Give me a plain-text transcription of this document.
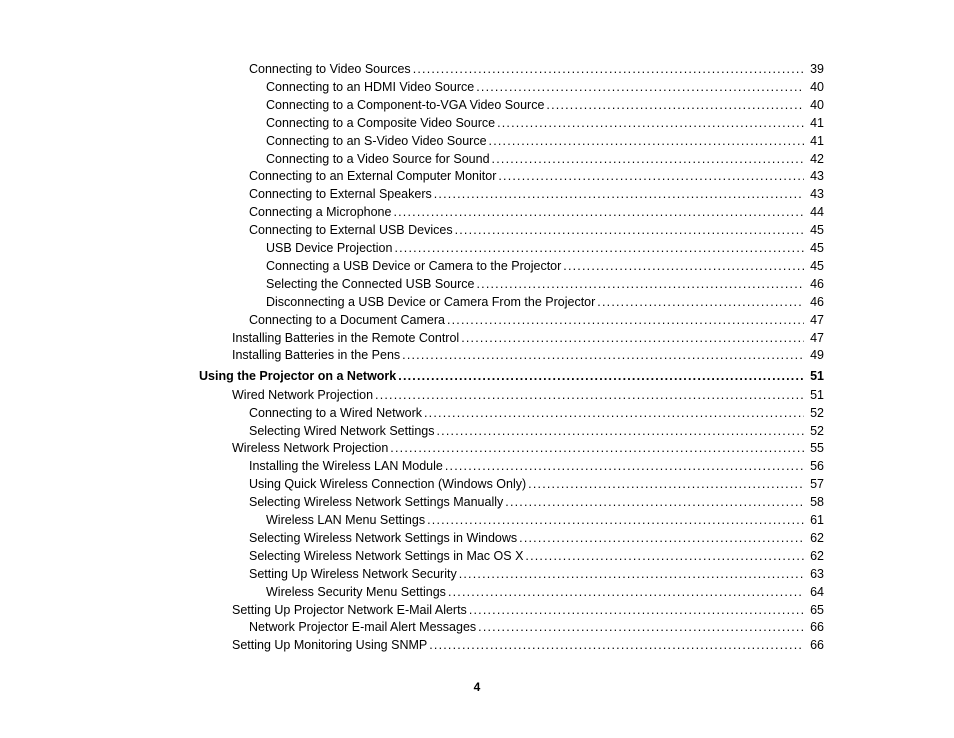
Connecting to Video Sources .....	39
Connecting to an HDMI Video Source .....	40
Connecting to a Component-to-VGA Video Source .....	40
Connecting to a Composite Video Source .....	41
Connecting to an S-Video Video Source .....	41
Connecting to a Video Source for Sound .....	42
Connecting to an External Computer Monitor .....	43
Connecting to External Speakers .....	43
Connecting a Microphone .....	44
Connecting to External USB Devices .....	45
USB Device Projection .....	45
Connecting a USB Device or Camera to the Projector .....	45
Selecting the Connected USB Source .....	46
Disconnecting a USB Device or Camera From the Projector .....	46
Connecting to a Document Camera .....	47
Installing Batteries in the Remote Control .....	47
Installing Batteries in the Pens .....	49
Using the Projector on a Network .....	51
Wired Network Projection .....	51
Connecting to a Wired Network .....	52
Selecting Wired Network Settings .....	52
Wireless Network Projection .....	55
Installing the Wireless LAN Module .....	56
Using Quick Wireless Connection (Windows Only) .....	57
Selecting Wireless Network Settings Manually .....	58
Wireless LAN Menu Settings .....	61
Selecting Wireless Network Settings in Windows .....	62
Selecting Wireless Network Settings in Mac OS X .....	62
Setting Up Wireless Network Security .....	63
Wireless Security Menu Settings .....	64
Setting Up Projector Network E-Mail Alerts .....	65
Network Projector E-mail Alert Messages .....	66
Setting Up Monitoring Using SNMP .....	66
4
